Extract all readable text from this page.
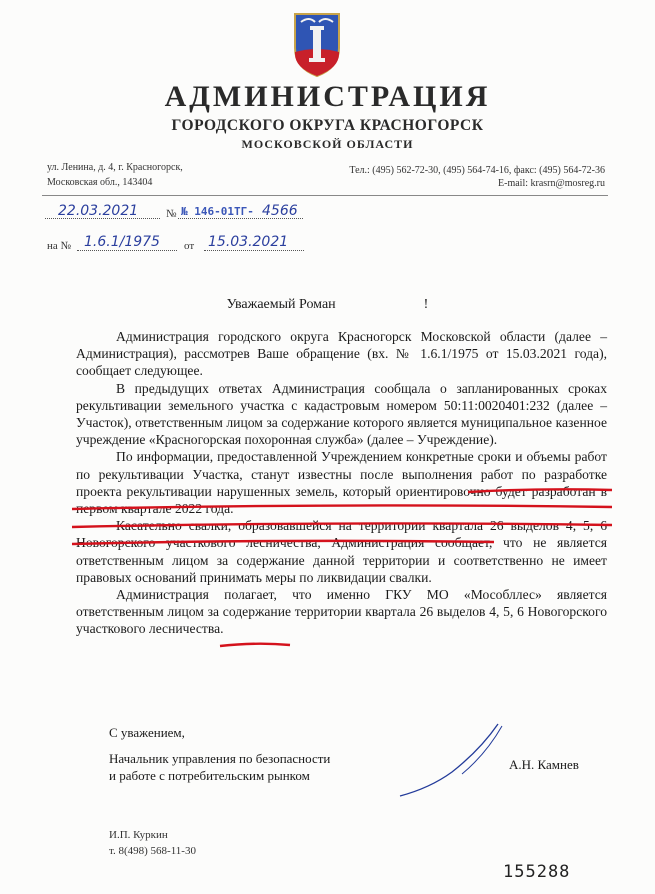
АДМИНИСТРАЦИЯ
ГОРОДСКОГО ОКРУГА КРАСНОГОРСК
МОСКОВСКОЙ ОБЛАСТИ
ул. Ленина, д. 4, г. Красногорск,
Московская обл., 143404
Тел.: (495) 562-72-30, (495) 564-74-16, факс: (495) 564-72-36
E-mail: krasrn@mosreg.ru
22.03.2021	№ № 146-01ТГ- 4566
на № 1.6.1/1975 от 15.03.2021
Уважаемый Роман	!

Администрация городского округа Красногорск Московской области (далее – Администрация), рассмотрев Ваше обращение (вх. № 1.6.1/1975 от 15.03.2021 года), сообщает следующее.

В предыдущих ответах Администрация сообщала о запланированных сроках рекультивации земельного участка с кадастровым номером 50:11:0020401:232 (далее – Участок), ответственным лицом за содержание которого является муниципальное казенное учреждение «Красногорская похоронная служба» (далее – Учреждение).

По информации, предоставленной Учреждением конкретные сроки и объемы работ по рекультивации Участка, станут известны после выполнения работ по разработке проекта рекультивации нарушенных земель, который ориентировочно будет разработан в первом квартале 2022 года.

Касательно свалки, образовавшейся на территории квартала 26 выделов 4, 5, 6 Новогорского участкового лесничества, Администрация сообщает, что не является ответственным лицом за содержание данной территории и соответственно не имеет правовых оснований принимать меры по ликвидации свалки.

Администрация полагает, что именно ГКУ МО «Мособллес» является ответственным лицом за содержание территории квартала 26 выделов 4, 5, 6 Новогорского участкового лесничества.

С уважением,
Начальник управления по безопасности
и работе с потребительским рынком
А.Н. Камнев
И.П. Куркин
т. 8(498) 568-11-30
155288
